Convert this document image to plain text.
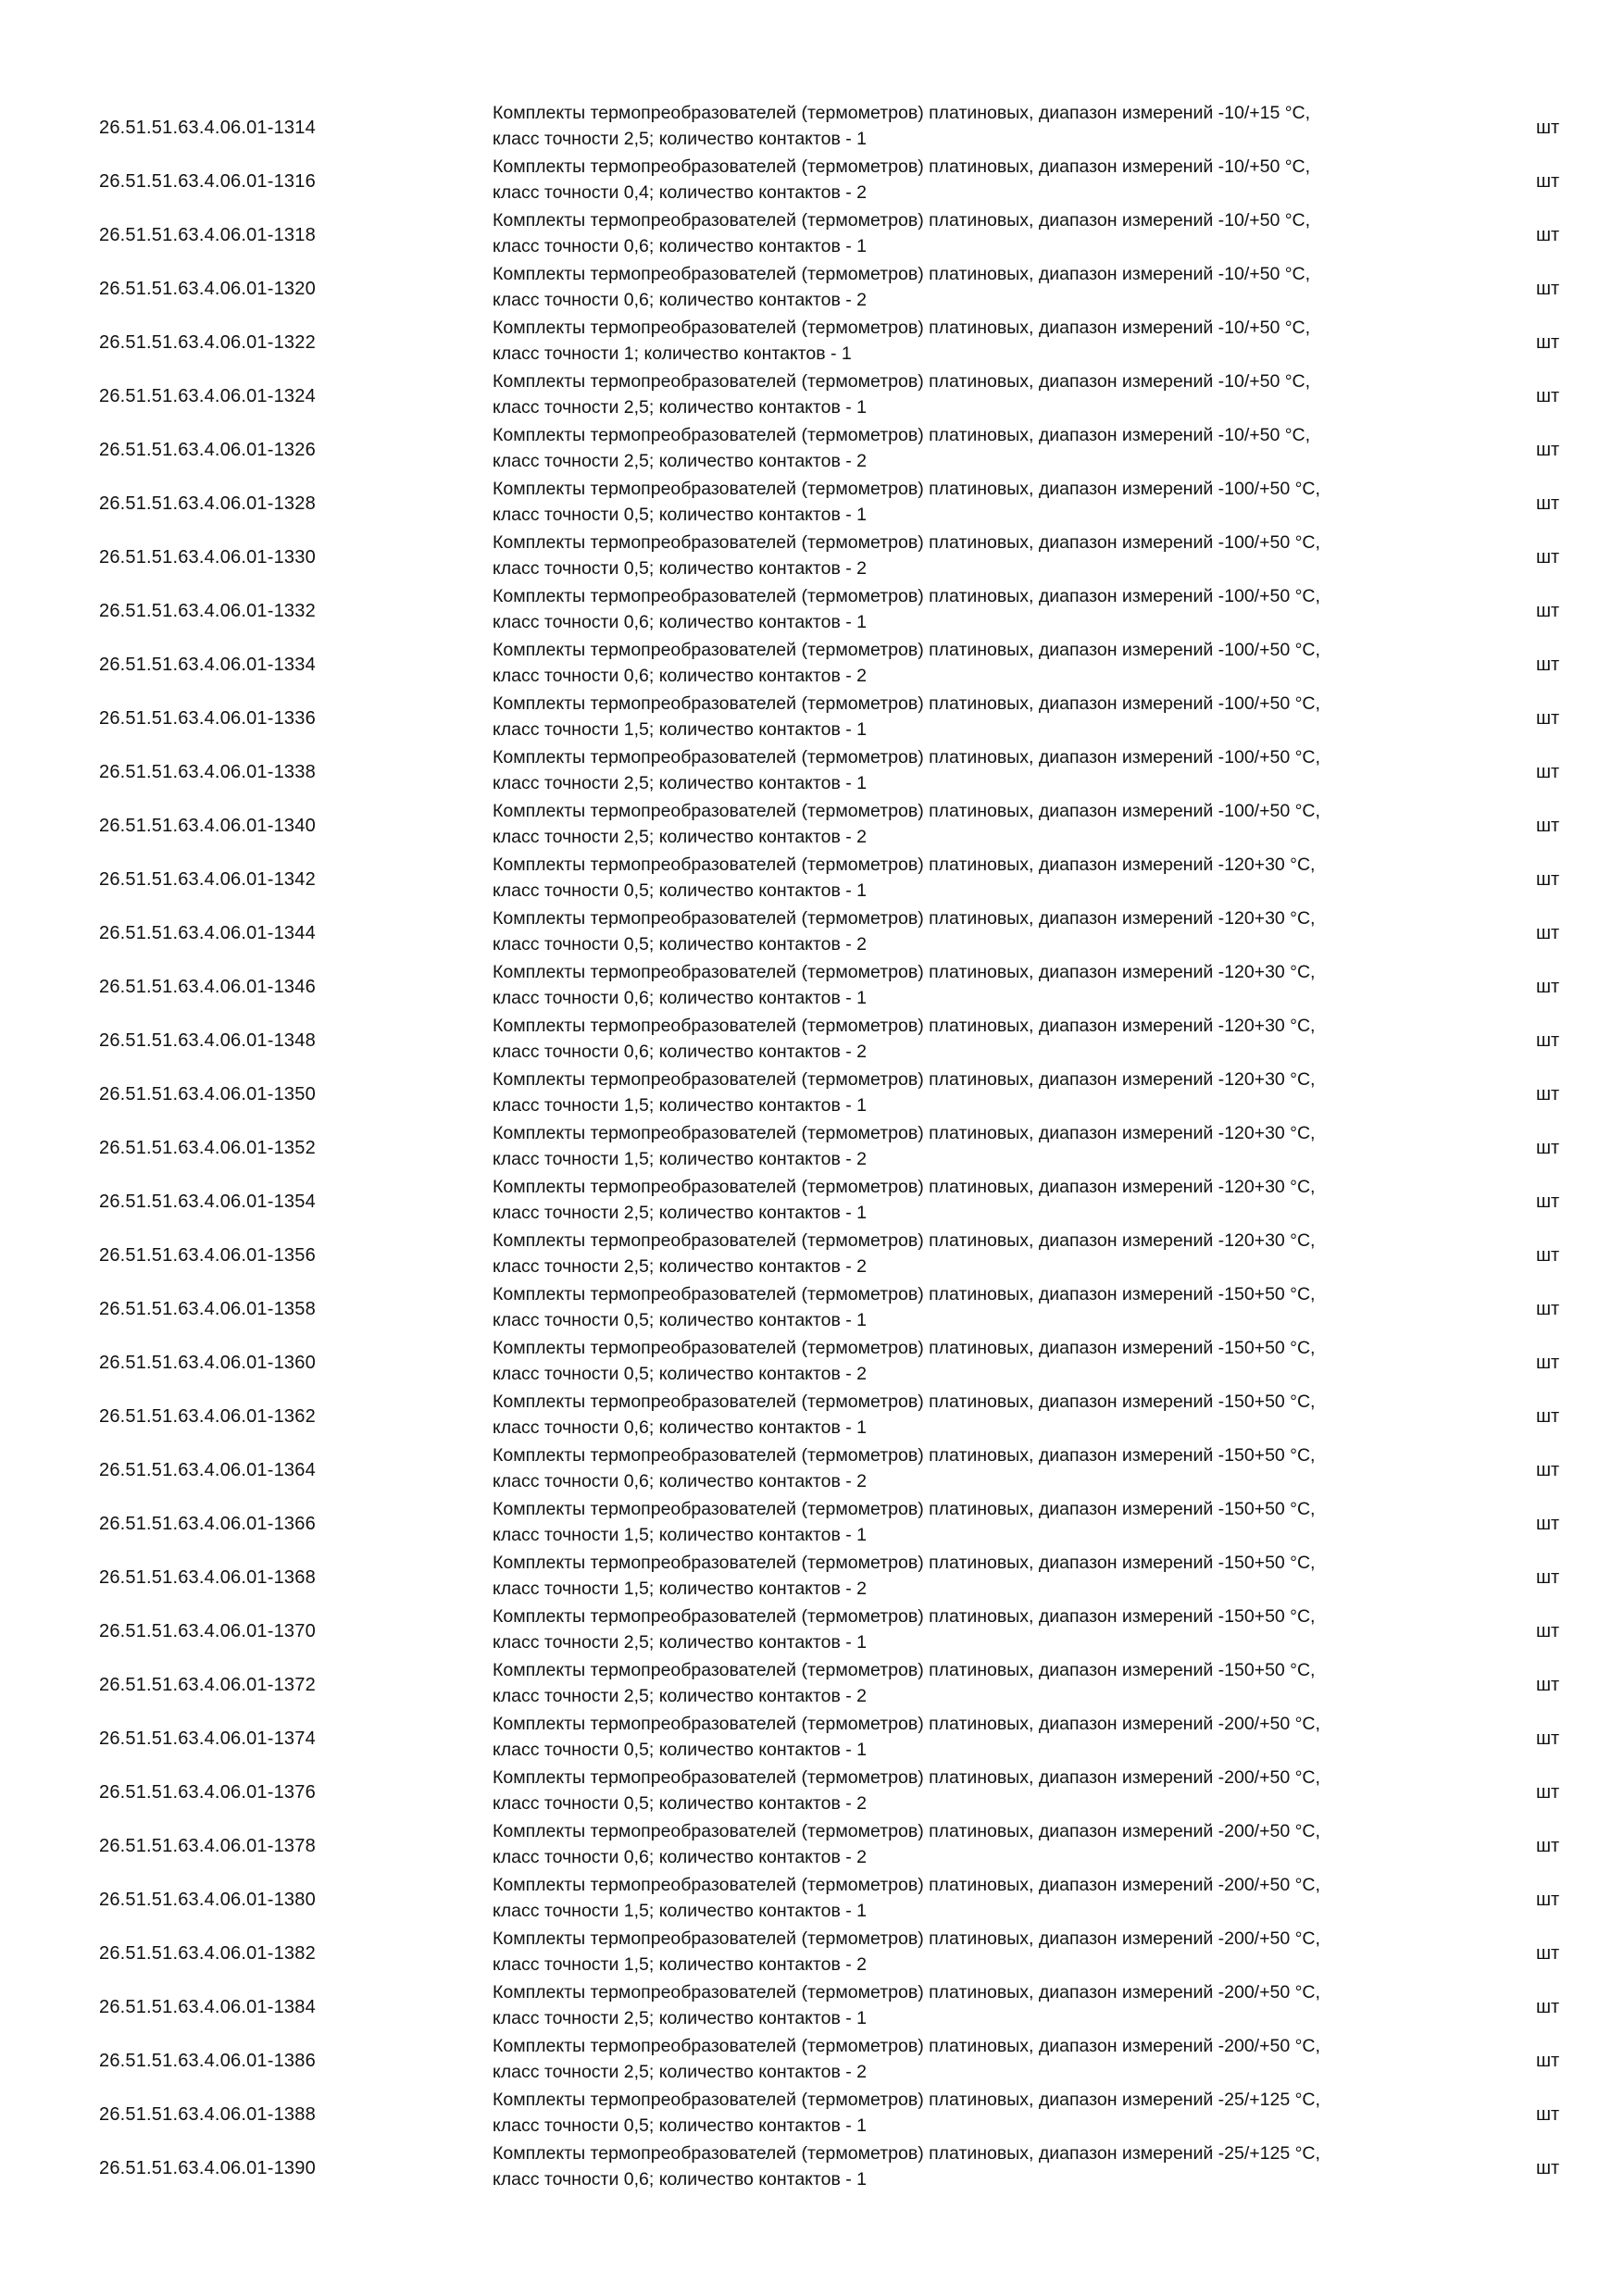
26.51.51.63.4.06.01-1314
Комплекты термопреобразователей (термометров) платиновых, диапазон измерений -10/+15 °С,
класс точности 2,5; количество контактов - 1
шт
26.51.51.63.4.06.01-1316
Комплекты термопреобразователей (термометров) платиновых, диапазон измерений -10/+50 °С,
класс точности 0,4; количество контактов - 2
шт
26.51.51.63.4.06.01-1318
Комплекты термопреобразователей (термометров) платиновых, диапазон измерений -10/+50 °С,
класс точности 0,6; количество контактов - 1
шт
26.51.51.63.4.06.01-1320
Комплекты термопреобразователей (термометров) платиновых, диапазон измерений -10/+50 °С,
класс точности 0,6; количество контактов - 2
шт
26.51.51.63.4.06.01-1322
Комплекты термопреобразователей (термометров) платиновых, диапазон измерений -10/+50 °С,
класс точности 1; количество контактов - 1
шт
26.51.51.63.4.06.01-1324
Комплекты термопреобразователей (термометров) платиновых, диапазон измерений -10/+50 °С,
класс точности 2,5; количество контактов - 1
шт
26.51.51.63.4.06.01-1326
Комплекты термопреобразователей (термометров) платиновых, диапазон измерений -10/+50 °С,
класс точности 2,5; количество контактов - 2
шт
26.51.51.63.4.06.01-1328
Комплекты термопреобразователей (термометров) платиновых, диапазон измерений -100/+50 °С,
класс точности 0,5; количество контактов - 1
шт
26.51.51.63.4.06.01-1330
Комплекты термопреобразователей (термометров) платиновых, диапазон измерений -100/+50 °С,
класс точности 0,5; количество контактов - 2
шт
26.51.51.63.4.06.01-1332
Комплекты термопреобразователей (термометров) платиновых, диапазон измерений -100/+50 °С,
класс точности 0,6; количество контактов - 1
шт
26.51.51.63.4.06.01-1334
Комплекты термопреобразователей (термометров) платиновых, диапазон измерений -100/+50 °С,
класс точности 0,6; количество контактов - 2
шт
26.51.51.63.4.06.01-1336
Комплекты термопреобразователей (термометров) платиновых, диапазон измерений -100/+50 °С,
класс точности 1,5; количество контактов - 1
шт
26.51.51.63.4.06.01-1338
Комплекты термопреобразователей (термометров) платиновых, диапазон измерений -100/+50 °С,
класс точности 2,5; количество контактов - 1
шт
26.51.51.63.4.06.01-1340
Комплекты термопреобразователей (термометров) платиновых, диапазон измерений -100/+50 °С,
класс точности 2,5; количество контактов - 2
шт
26.51.51.63.4.06.01-1342
Комплекты термопреобразователей (термометров) платиновых, диапазон измерений -120+30 °С,
класс точности 0,5; количество контактов - 1
шт
26.51.51.63.4.06.01-1344
Комплекты термопреобразователей (термометров) платиновых, диапазон измерений -120+30 °С,
класс точности 0,5; количество контактов - 2
шт
26.51.51.63.4.06.01-1346
Комплекты термопреобразователей (термометров) платиновых, диапазон измерений -120+30 °С,
класс точности 0,6; количество контактов - 1
шт
26.51.51.63.4.06.01-1348
Комплекты термопреобразователей (термометров) платиновых, диапазон измерений -120+30 °С,
класс точности 0,6; количество контактов - 2
шт
26.51.51.63.4.06.01-1350
Комплекты термопреобразователей (термометров) платиновых, диапазон измерений -120+30 °С,
класс точности 1,5; количество контактов - 1
шт
26.51.51.63.4.06.01-1352
Комплекты термопреобразователей (термометров) платиновых, диапазон измерений -120+30 °С,
класс точности 1,5; количество контактов - 2
шт
26.51.51.63.4.06.01-1354
Комплекты термопреобразователей (термометров) платиновых, диапазон измерений -120+30 °С,
класс точности 2,5; количество контактов - 1
шт
26.51.51.63.4.06.01-1356
Комплекты термопреобразователей (термометров) платиновых, диапазон измерений -120+30 °С,
класс точности 2,5; количество контактов - 2
шт
26.51.51.63.4.06.01-1358
Комплекты термопреобразователей (термометров) платиновых, диапазон измерений -150+50 °С,
класс точности 0,5; количество контактов - 1
шт
26.51.51.63.4.06.01-1360
Комплекты термопреобразователей (термометров) платиновых, диапазон измерений -150+50 °С,
класс точности 0,5; количество контактов - 2
шт
26.51.51.63.4.06.01-1362
Комплекты термопреобразователей (термометров) платиновых, диапазон измерений -150+50 °С,
класс точности 0,6; количество контактов - 1
шт
26.51.51.63.4.06.01-1364
Комплекты термопреобразователей (термометров) платиновых, диапазон измерений -150+50 °С,
класс точности 0,6; количество контактов - 2
шт
26.51.51.63.4.06.01-1366
Комплекты термопреобразователей (термометров) платиновых, диапазон измерений -150+50 °С,
класс точности 1,5; количество контактов - 1
шт
26.51.51.63.4.06.01-1368
Комплекты термопреобразователей (термометров) платиновых, диапазон измерений -150+50 °С,
класс точности 1,5; количество контактов - 2
шт
26.51.51.63.4.06.01-1370
Комплекты термопреобразователей (термометров) платиновых, диапазон измерений -150+50 °С,
класс точности 2,5; количество контактов - 1
шт
26.51.51.63.4.06.01-1372
Комплекты термопреобразователей (термометров) платиновых, диапазон измерений -150+50 °С,
класс точности 2,5; количество контактов - 2
шт
26.51.51.63.4.06.01-1374
Комплекты термопреобразователей (термометров) платиновых, диапазон измерений -200/+50 °С,
класс точности 0,5; количество контактов - 1
шт
26.51.51.63.4.06.01-1376
Комплекты термопреобразователей (термометров) платиновых, диапазон измерений -200/+50 °С,
класс точности 0,5; количество контактов - 2
шт
26.51.51.63.4.06.01-1378
Комплекты термопреобразователей (термометров) платиновых, диапазон измерений -200/+50 °С,
класс точности 0,6; количество контактов - 2
шт
26.51.51.63.4.06.01-1380
Комплекты термопреобразователей (термометров) платиновых, диапазон измерений -200/+50 °С,
класс точности 1,5; количество контактов - 1
шт
26.51.51.63.4.06.01-1382
Комплекты термопреобразователей (термометров) платиновых, диапазон измерений -200/+50 °С,
класс точности 1,5; количество контактов - 2
шт
26.51.51.63.4.06.01-1384
Комплекты термопреобразователей (термометров) платиновых, диапазон измерений -200/+50 °С,
класс точности 2,5; количество контактов - 1
шт
26.51.51.63.4.06.01-1386
Комплекты термопреобразователей (термометров) платиновых, диапазон измерений -200/+50 °С,
класс точности 2,5; количество контактов - 2
шт
26.51.51.63.4.06.01-1388
Комплекты термопреобразователей (термометров) платиновых, диапазон измерений -25/+125 °С,
класс точности 0,5; количество контактов - 1
шт
26.51.51.63.4.06.01-1390
Комплекты термопреобразователей (термометров) платиновых, диапазон измерений -25/+125 °С,
класс точности 0,6; количество контактов - 1
шт
